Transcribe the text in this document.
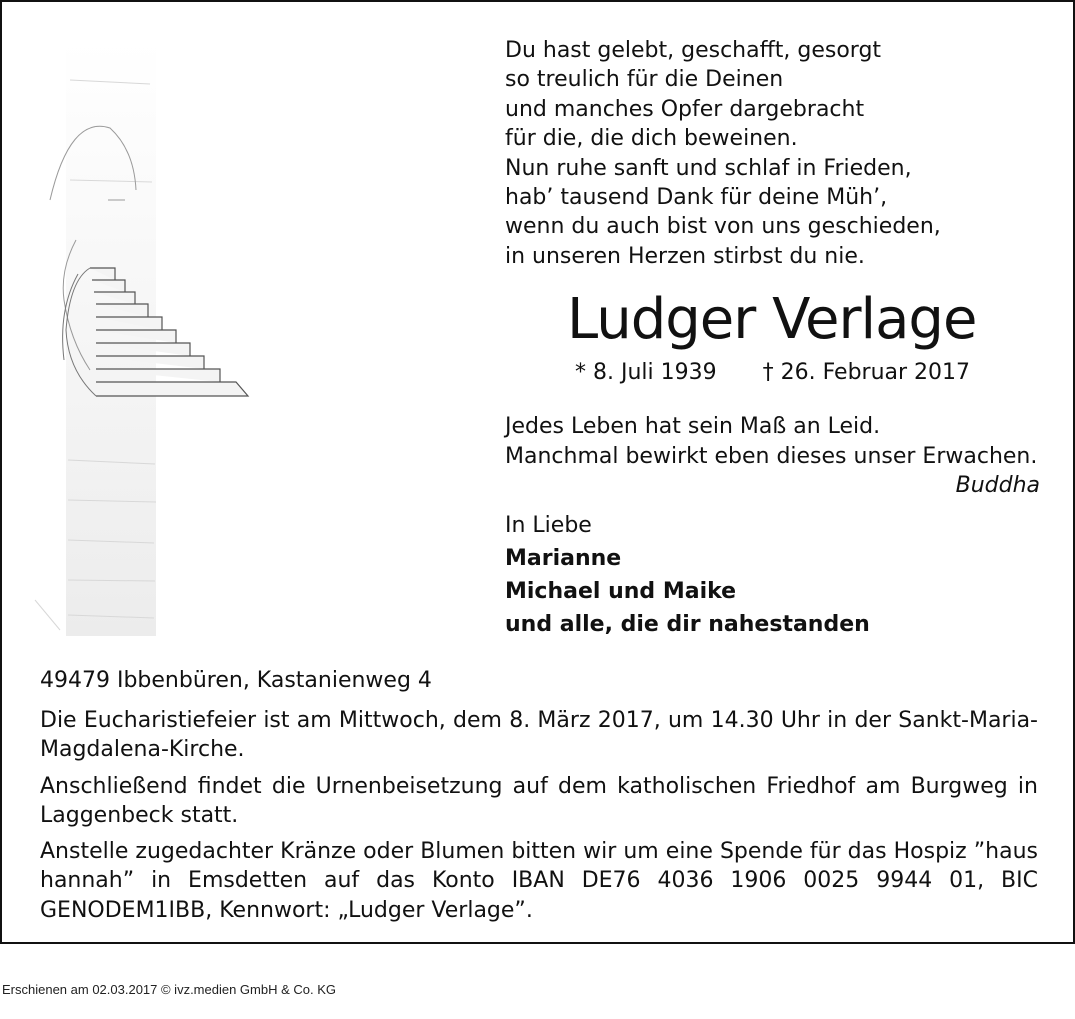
Du hast gelebt, geschafft, gesorgt
so treulich für die Deinen
und manches Opfer dargebracht
für die, die dich beweinen.
Nun ruhe sanft und schlaf in Frieden,
hab’ tausend Dank für deine Müh’,
wenn du auch bist von uns geschieden,
in unseren Herzen stirbst du nie.
Ludger Verlage
* 8. Juli 1939 † 26. Februar 2017
Jedes Leben hat sein Maß an Leid.
Manchmal bewirkt eben dieses unser Erwachen.
Buddha
In Liebe
Marianne
Michael und Maike
und alle, die dir nahestanden
49479 Ibbenbüren, Kastanienweg 4

Die Eucharistiefeier ist am Mittwoch, dem 8. März 2017, um 14.30 Uhr in der Sankt-Maria-Magdalena-Kirche.

Anschließend findet die Urnenbeisetzung auf dem katholischen Friedhof am Burgweg in Laggenbeck statt.

Anstelle zugedachter Kränze oder Blumen bitten wir um eine Spende für das Hospiz ”haus hannah” in Emsdetten auf das Konto IBAN DE76 4036 1906 0025 9944 01, BIC GENODEM1IBB, Kennwort: „Ludger Verlage”.

Erschienen am 02.03.2017 © ivz.medien GmbH & Co. KG
